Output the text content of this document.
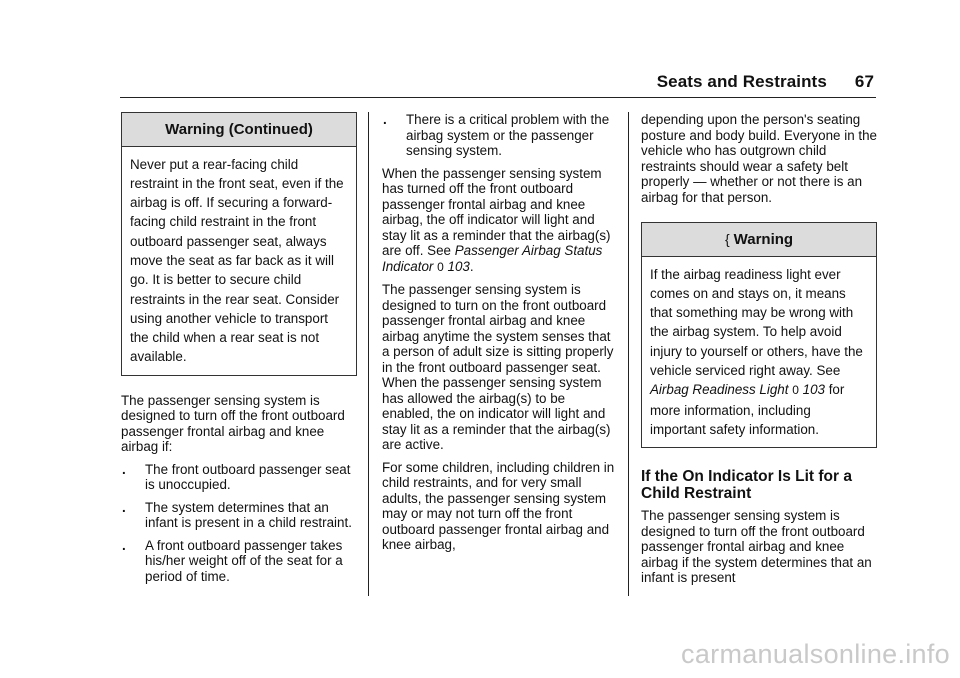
Seats and Restraints 67
Warning (Continued)
Never put a rear-facing child restraint in the front seat, even if the airbag is off. If securing a forward-facing child restraint in the front outboard passenger seat, always move the seat as far back as it will go. It is better to secure child restraints in the rear seat. Consider using another vehicle to transport the child when a rear seat is not available.

The passenger sensing system is designed to turn off the front outboard passenger frontal airbag and knee airbag if:

. The front outboard passenger seat is unoccupied.
. The system determines that an infant is present in a child restraint.
. A front outboard passenger takes his/her weight off of the seat for a period of time.
. There is a critical problem with the airbag system or the passenger sensing system.

When the passenger sensing system has turned off the front outboard passenger frontal airbag and knee airbag, the off indicator will light and stay lit as a reminder that the airbag(s) are off. See Passenger Airbag Status Indicator 0 103.

The passenger sensing system is designed to turn on the front outboard passenger frontal airbag and knee airbag anytime the system senses that a person of adult size is sitting properly in the front outboard passenger seat. When the passenger sensing system has allowed the airbag(s) to be enabled, the on indicator will light and stay lit as a reminder that the airbag(s) are active.

For some children, including children in child restraints, and for very small adults, the passenger sensing system may or may not turn off the front outboard passenger frontal airbag and knee airbag,

depending upon the person's seating posture and body build. Everyone in the vehicle who has outgrown child restraints should wear a safety belt properly — whether or not there is an airbag for that person.

{ Warning
If the airbag readiness light ever comes on and stays on, it means that something may be wrong with the airbag system. To help avoid injury to yourself or others, have the vehicle serviced right away. See Airbag Readiness Light 0 103 for more information, including important safety information.
If the On Indicator Is Lit for a Child Restraint

The passenger sensing system is designed to turn off the front outboard passenger frontal airbag and knee airbag if the system determines that an infant is present

carmanualsonline.info
